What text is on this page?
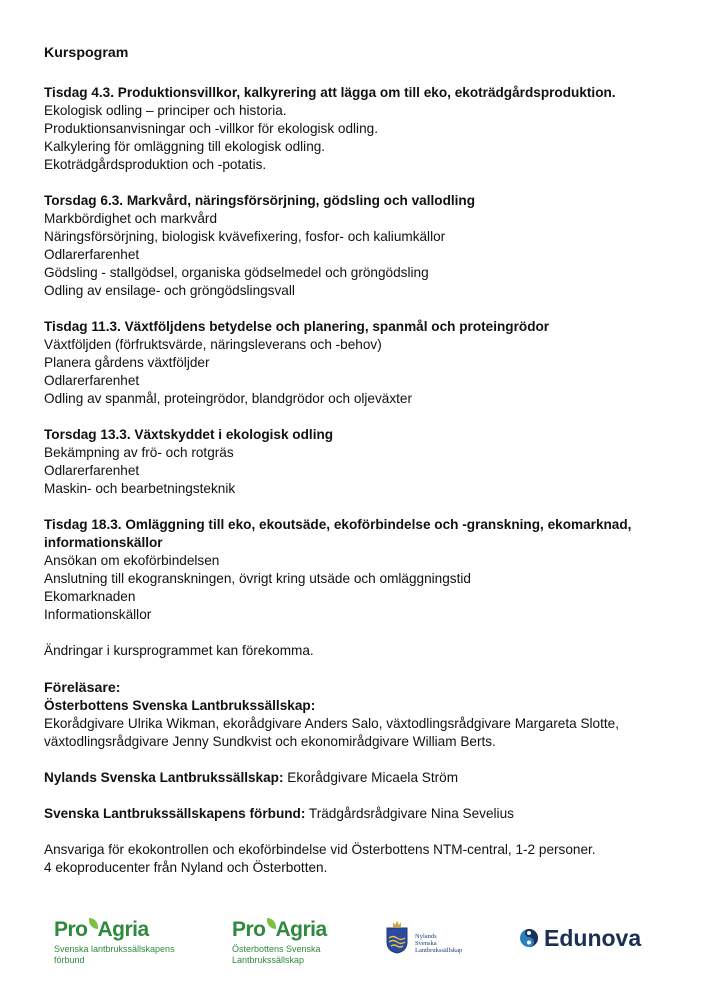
Kurspogram
Tisdag 4.3. Produktionsvillkor, kalkyrering att lägga om till eko, ekoträdgårdsproduktion.
Ekologisk odling – principer och historia.
Produktionsanvisningar och -villkor för ekologisk odling.
Kalkylering för omläggning till ekologisk odling.
Ekoträdgårdsproduktion och -potatis.
Torsdag 6.3. Markvård, näringsförsörjning, gödsling och vallodling
Markbördighet och markvård
Näringsförsörjning, biologisk kvävefixering, fosfor- och kaliumkällor
Odlarerfarenhet
Gödsling - stallgödsel, organiska gödselmedel och gröngödsling
Odling av ensilage- och gröngödslingsvall
Tisdag 11.3. Växtföljdens betydelse och planering, spanmål och proteingrödor
Växtföljden (förfruktsvärde, näringsleverans och -behov)
Planera gårdens växtföljder
Odlarerfarenhet
Odling av spanmål, proteingrödor, blandgrödor och oljeväxter
Torsdag 13.3. Växtskyddet i ekologisk odling
Bekämpning av frö- och rotgräs
Odlarerfarenhet
Maskin- och bearbetningsteknik
Tisdag 18.3. Omläggning till eko, ekoutsäde, ekoförbindelse och -granskning, ekomarknad, informationskällor
Ansökan om ekoförbindelsen
Anslutning till ekogranskningen, övrigt kring utsäde och omläggningstid
Ekomarknaden
Informationskällor
Ändringar i kursprogrammet kan förekomma.
Föreläsare:
Österbottens Svenska Lantbrukssällskap:
Ekorådgivare Ulrika Wikman, ekorådgivare Anders Salo, växtodlingsrådgivare Margareta Slotte, växtodlingsrådgivare Jenny Sundkvist och ekonomirådgivare William Berts.
Nylands Svenska Lantbrukssällskap: Ekorådgivare Micaela Ström
Svenska Lantbrukssällskapens förbund: Trädgårdsrådgivare Nina Sevelius
Ansvariga för ekokontrollen och ekoförbindelse vid Österbottens NTM-central, 1-2 personer.
4 ekoproducenter från Nyland och Österbotten.
Pro Agria
Svenska lantbrukssällskapens
förbund
Pro Agria
Österbottens Svenska
Lantbrukssällskap
Nylands
Svenska
Lantbrukssällskap	Edunova
